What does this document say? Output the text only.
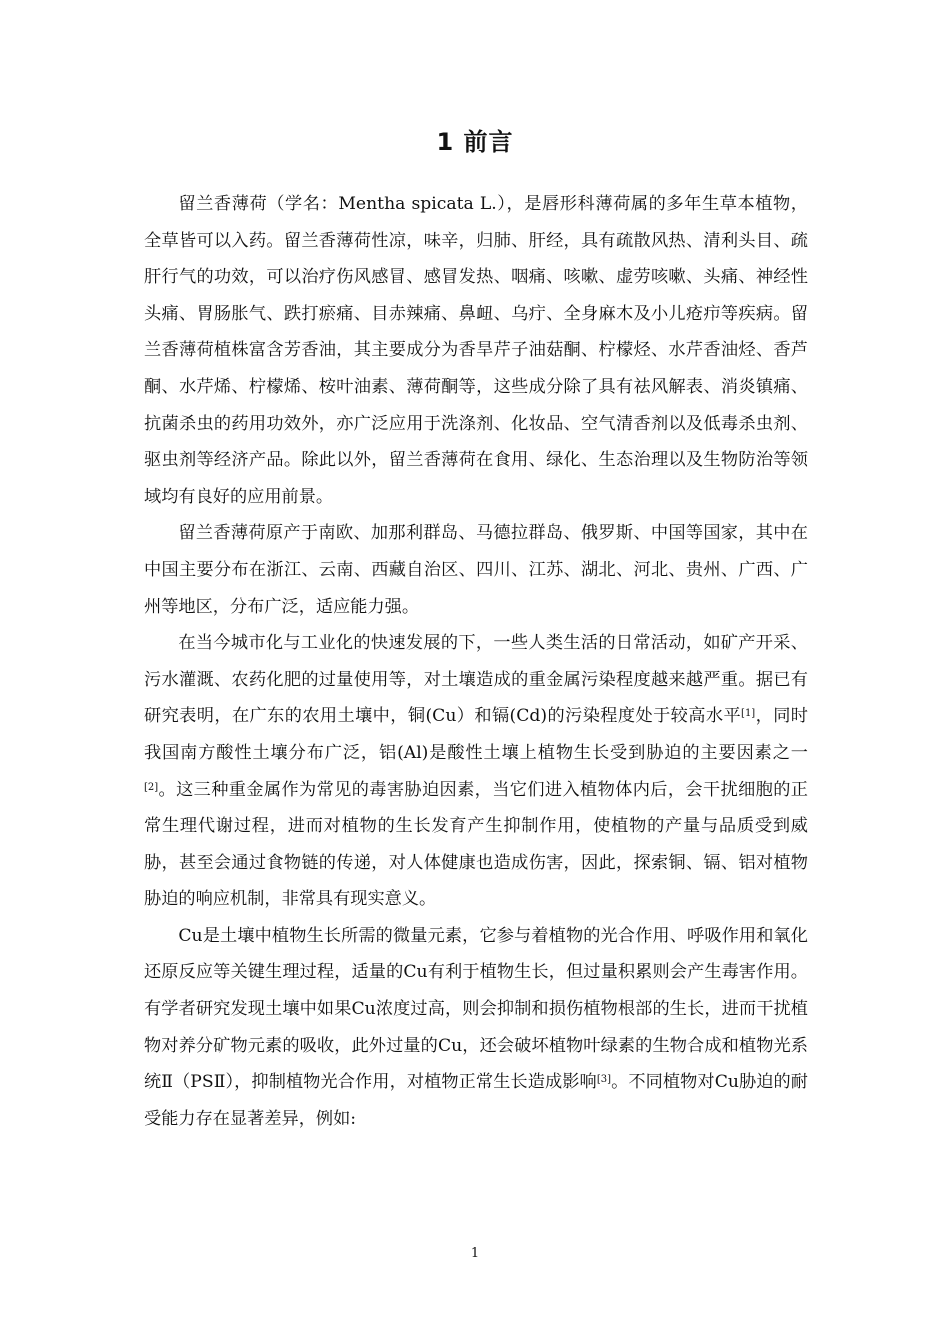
1 前言

留兰香薄荷（学名：Mentha spicata L.），是唇形科薄荷属的多年生草本植物，全草皆可以入药。留兰香薄荷性凉，味辛，归肺、肝经，具有疏散风热、清利头目、疏肝行气的功效，可以治疗伤风感冒、感冒发热、咽痛、咳嗽、虚劳咳嗽、头痛、神经性头痛、胃肠胀气、跌打瘀痛、目赤辣痛、鼻衄、乌疔、全身麻木及小儿疮疖等疾病。留兰香薄荷植株富含芳香油，其主要成分为香旱芹子油菇酮、柠檬烃、水芹香油烃、香芦酮、水芹烯、柠檬烯、桉叶油素、薄荷酮等，这些成分除了具有祛风解表、消炎镇痛、抗菌杀虫的药用功效外，亦广泛应用于洗涤剂、化妆品、空气清香剂以及低毒杀虫剂、驱虫剂等经济产品。除此以外，留兰香薄荷在食用、绿化、生态治理以及生物防治等领域均有良好的应用前景。

留兰香薄荷原产于南欧、加那利群岛、马德拉群岛、俄罗斯、中国等国家，其中在中国主要分布在浙江、云南、西藏自治区、四川、江苏、湖北、河北、贵州、广西、广州等地区，分布广泛，适应能力强。

在当今城市化与工业化的快速发展的下，一些人类生活的日常活动，如矿产开采、污水灌溉、农药化肥的过量使用等，对土壤造成的重金属污染程度越来越严重。据已有研究表明，在广东的农用土壤中，铜(Cu）和镉(Cd)的污染程度处于较高水平[1]，同时我国南方酸性土壤分布广泛，铝(Al)是酸性土壤上植物生长受到胁迫的主要因素之一[2]。这三种重金属作为常见的毒害胁迫因素，当它们进入植物体内后，会干扰细胞的正常生理代谢过程，进而对植物的生长发育产生抑制作用，使植物的产量与品质受到威胁，甚至会通过食物链的传递，对人体健康也造成伤害，因此，探索铜、镉、铝对植物胁迫的响应机制，非常具有现实意义。

Cu是土壤中植物生长所需的微量元素，它参与着植物的光合作用、呼吸作用和氧化还原反应等关键生理过程，适量的Cu有利于植物生长，但过量积累则会产生毒害作用。有学者研究发现土壤中如果Cu浓度过高，则会抑制和损伤植物根部的生长，进而干扰植物对养分矿物元素的吸收，此外过量的Cu，还会破坏植物叶绿素的生物合成和植物光系统Ⅱ（PSⅡ），抑制植物光合作用，对植物正常生长造成影响[3]。不同植物对Cu胁迫的耐受能力存在显著差异，例如:

1
